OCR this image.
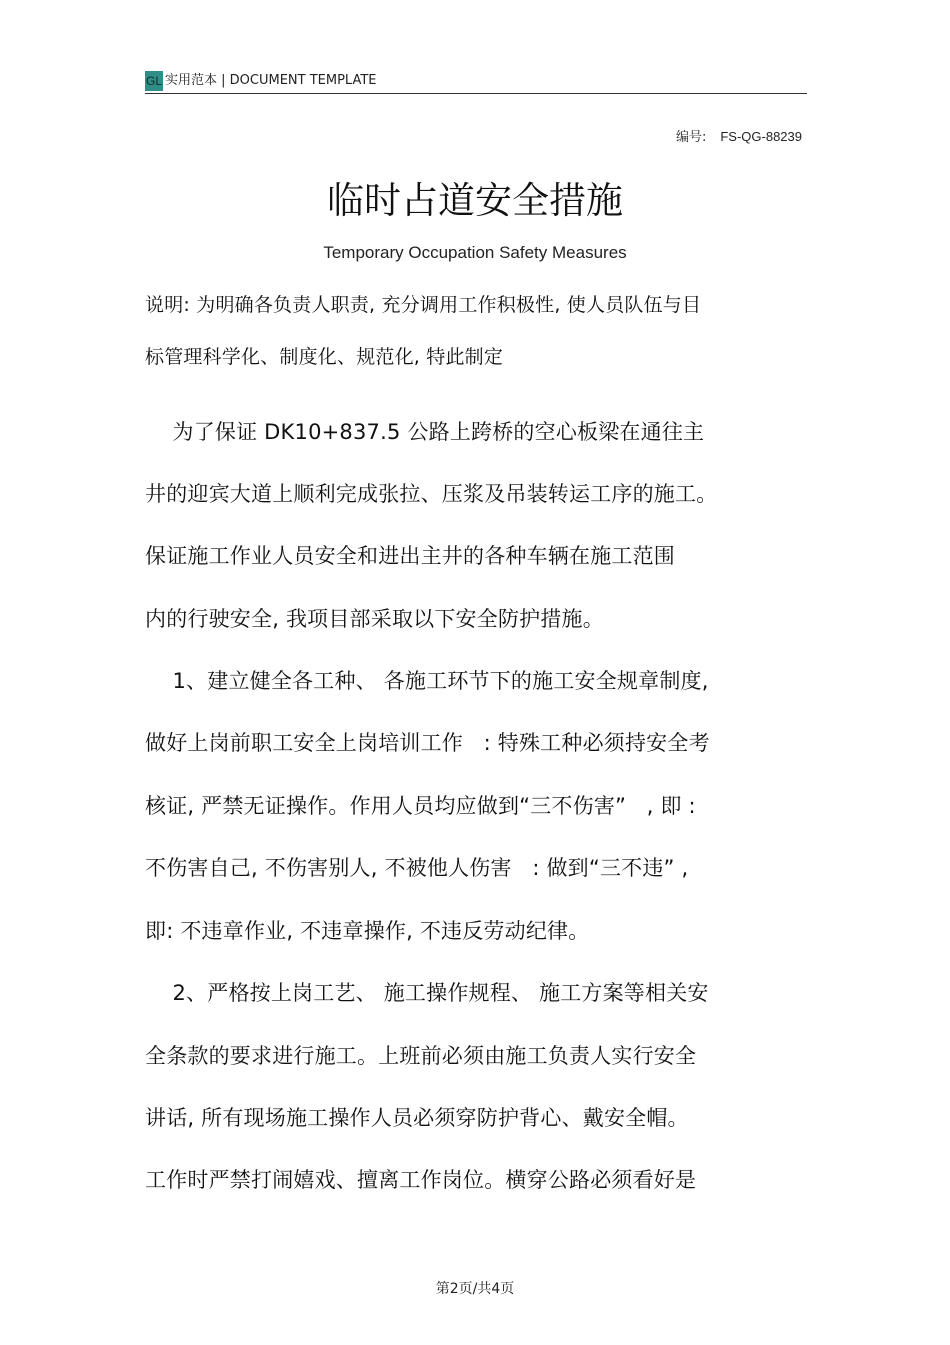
GL 实用范本 | DOCUMENT TEMPLATE
编号: FS-QG-88239
临时占道安全措施
Temporary Occupation Safety Measures
说明: 为明确各负责人职责, 充分调用工作积极性, 使人员队伍与目
标管理科学化、制度化、规范化, 特此制定
为了保证 DK10+837.5 公路上跨桥的空心板梁在通往主
井的迎宾大道上顺利完成张拉、压浆及吊装转运工序的施工。
保证施工作业人员安全和进出主井的各种车辆在施工范围
内的行驶安全, 我项目部采取以下安全防护措施。
1、建立健全各工种、 各施工环节下的施工安全规章制度,
做好上岗前职工安全上岗培训工作   : 特殊工种必须持安全考
核证, 严禁无证操作。作用人员均应做到“三不伤害”   , 即 :
不伤害自己, 不伤害别人, 不被他人伤害   : 做到“三不违” ,
即: 不违章作业, 不违章操作, 不违反劳动纪律。
2、严格按上岗工艺、 施工操作规程、 施工方案等相关安
全条款的要求进行施工。上班前必须由施工负责人实行安全
讲话, 所有现场施工操作人员必须穿防护背心、戴安全帽。
工作时严禁打闹嬉戏、擅离工作岗位。横穿公路必须看好是
第2页/共4页
